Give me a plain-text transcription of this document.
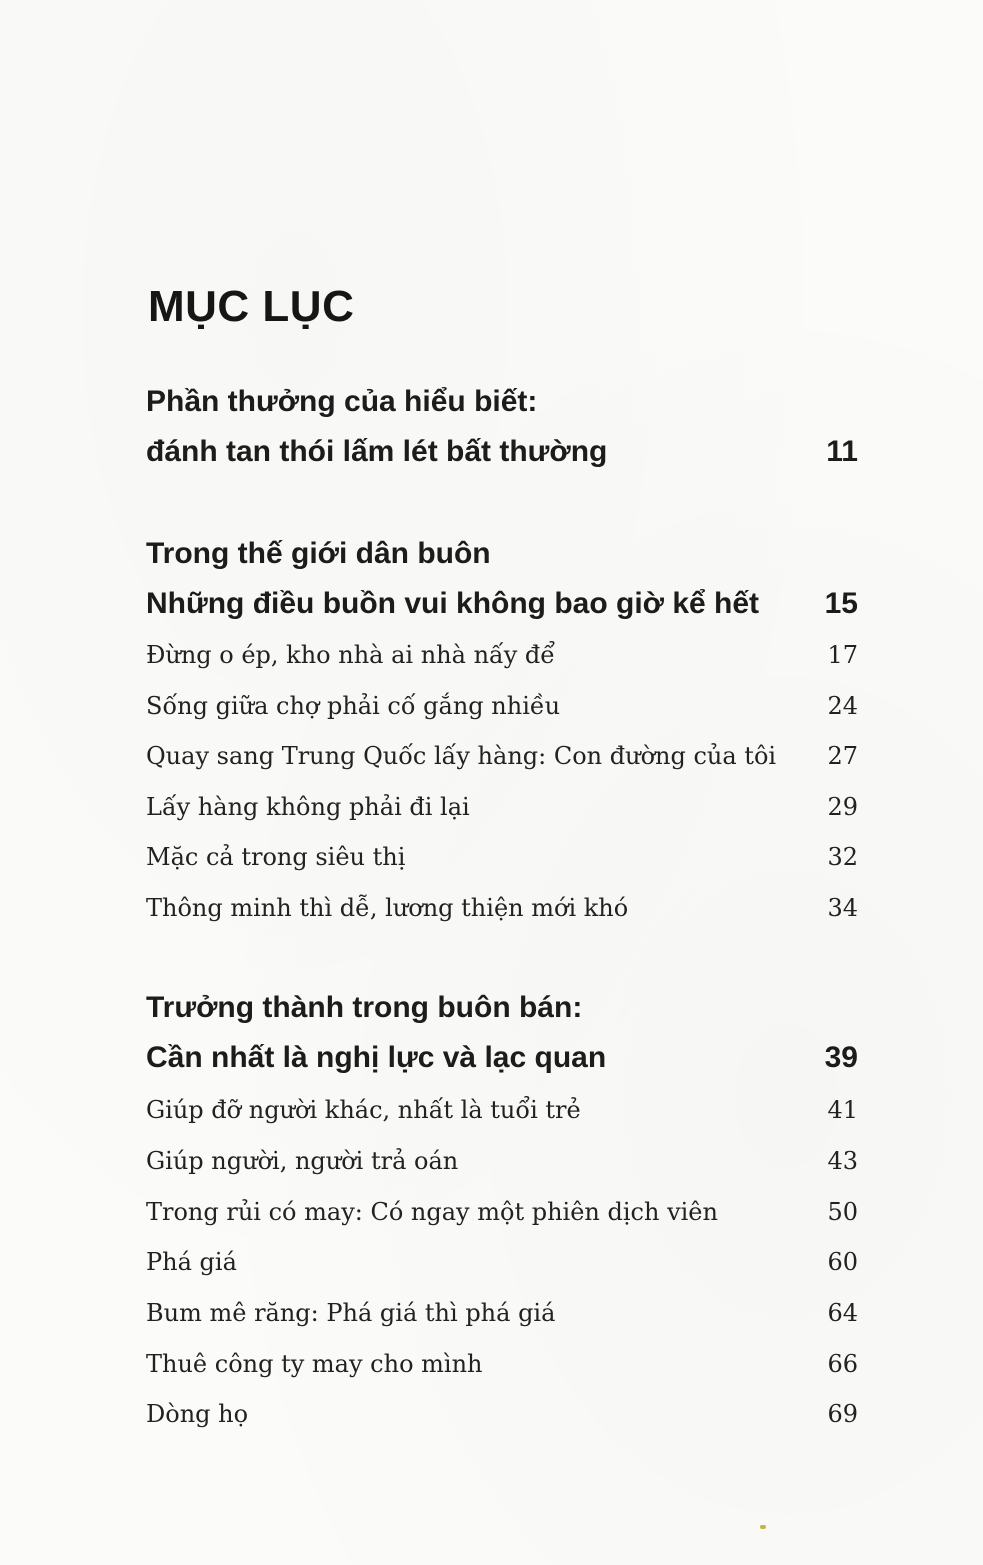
MỤC LỤC
Phần thưởng của hiểu biết:
đánh tan thói lấm lét bất thường	11
Trong thế giới dân buôn
Những điều buồn vui không bao giờ kể hết 15
Đừng o ép, kho nhà ai nhà nấy để	17
Sống giữa chợ phải cố gắng nhiều	24
Quay sang Trung Quốc lấy hàng: Con đường của tôi 27
Lấy hàng không phải đi lại	29
Mặc cả trong siêu thị	32
Thông minh thì dễ, lương thiện mới khó	34
Trưởng thành trong buôn bán:
Cần nhất là nghị lực và lạc quan	39
Giúp đỡ người khác, nhất là tuổi trẻ	41
Giúp người, người trả oán	43
Trong rủi có may: Có ngay một phiên dịch viên	50
Phá giá	60
Bum mê răng: Phá giá thì phá giá	64
Thuê công ty may cho mình	66
Dòng họ	69
